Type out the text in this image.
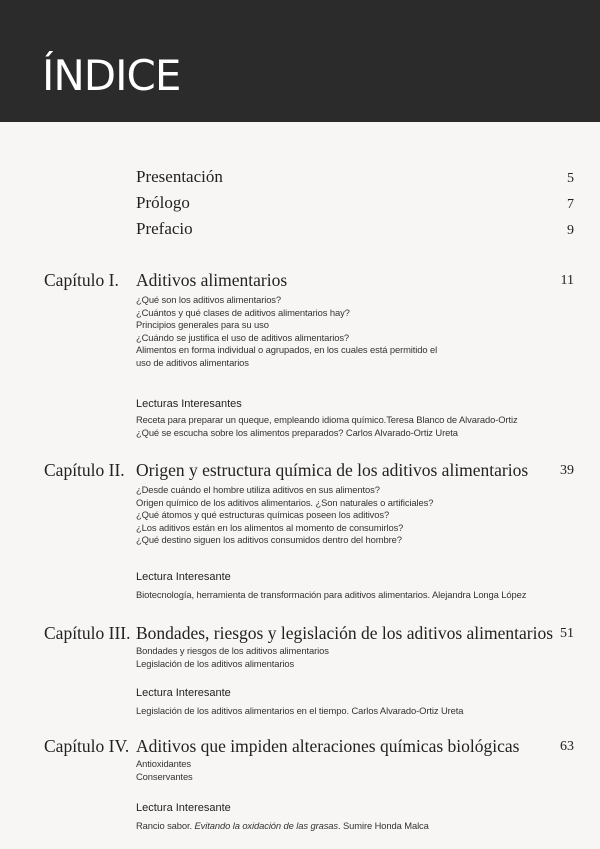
ÍNDICE
Presentación	5
Prólogo	7
Prefacio	9
Capítulo I. Aditivos alimentarios	11
¿Qué son los aditivos alimentarios?
¿Cuántos y qué clases de aditivos alimentarios hay?
Principios generales para su uso
¿Cuándo se justifica el uso de aditivos alimentarios?
Alimentos en forma individual o agrupados, en los cuales está permitido el
uso de aditivos alimentarios
Lecturas Interesantes
Receta para preparar un queque, empleando idioma químico.Teresa Blanco de Alvarado-Ortiz
¿Qué se escucha sobre los alimentos preparados? Carlos Alvarado-Ortiz Ureta
Capítulo II. Origen y estructura química de los aditivos alimentarios 39
¿Desde cuándo el hombre utiliza aditivos en sus alimentos?
Origen químico de los aditivos alimentarios. ¿Son naturales o artificiales?
¿Qué átomos y qué estructuras químicas poseen los aditivos?
¿Los aditivos están en los alimentos al momento de consumirlos?
¿Qué destino siguen los aditivos consumidos dentro del hombre?
Lectura Interesante
Biotecnología, herramienta de transformación para aditivos alimentarios. Alejandra Longa López
Capítulo III. Bondades, riesgos y legislación de los aditivos alimentarios 51
Bondades y riesgos de los aditivos alimentarios
Legislación de los aditivos alimentarios
Lectura Interesante
Legislación de los aditivos alimentarios en el tiempo. Carlos Alvarado-Ortiz Ureta
Capítulo IV. Aditivos que impiden alteraciones químicas biológicas	63
Antioxidantes
Conservantes
Lectura Interesante
Rancio sabor. Evitando la oxidación de las grasas. Sumire Honda Malca
